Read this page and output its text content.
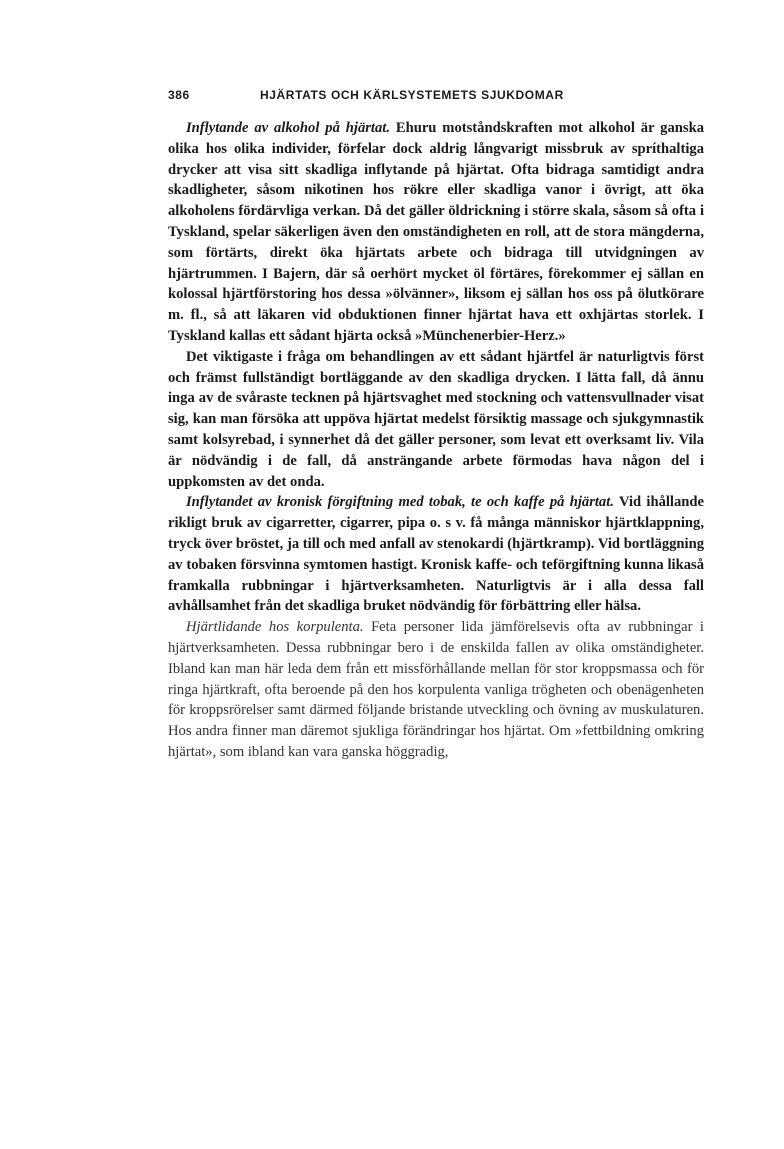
386	HJÄRTATS OCH KÄRLSYSTEMETS SJUKDOMAR

Inflytande av alkohol på hjärtat. Ehuru motståndskraften mot alkohol är ganska olika hos olika individer, förfelar dock aldrig långvarigt missbruk av spríthaltiga drycker att visa sitt skadliga inflytande på hjärtat. Ofta bidraga samtidigt andra skadligheter, såsom nikotinen hos rökre eller skadliga vanor i övrigt, att öka alkoholens fördärvliga verkan. Då det gäller öldrickning i större skala, såsom så ofta i Tyskland, spelar säkerligen även den omständigheten en roll, att de stora mängderna, som förtärts, direkt öka hjärtats arbete och bidraga till utvidgningen av hjärtrummen. I Bajern, där så oerhört mycket öl förtäres, förekommer ej sällan en kolossal hjärtförstoring hos dessa »ölvänner», liksom ej sällan hos oss på ölutkörare m. fl., så att läkaren vid obduktionen finner hjärtat hava ett oxhjärtas storlek. I Tyskland kallas ett sådant hjärta också »Münchenerbier-Herz.»

Det viktigaste i fråga om behandlingen av ett sådant hjärtfel är naturligtvis först och främst fullständigt bortläggande av den skadliga drycken. I lätta fall, då ännu inga av de svåraste tecknen på hjärtsvaghet med stockning och vattensvullnader visat sig, kan man försöka att uppöva hjärtat medelst försiktig massage och sjukgymnastik samt kolsyrebad, i synnerhet då det gäller personer, som levat ett overksamt liv. Vila är nödvändig i de fall, då ansträngande arbete förmodas hava någon del i uppkomsten av det onda.

Inflytandet av kronisk förgiftning med tobak, te och kaffe på hjärtat. Vid ihållande rikligt bruk av cigarretter, cigarrer, pipa o. s v. få många människor hjärtklappning, tryck över bröstet, ja till och med anfall av stenokardi (hjärtkramp). Vid bortläggning av tobaken försvinna symtomen hastigt. Kronisk kaffe- och teförgiftning kunna likaså framkalla rubbningar i hjärtverksamheten. Naturligtvis är i alla dessa fall avhållsamhet från det skadliga bruket nödvändig för förbättring eller hälsa.

Hjärtlidande hos korpulenta. Feta personer lida jämförelsevis ofta av rubbningar i hjärtverksamheten. Dessa rubbningar bero i de enskilda fallen av olika omständigheter. Ibland kan man här leda dem från ett missförhållande mellan för stor kroppsmassa och för ringa hjärtkraft, ofta beroende på den hos korpulenta vanliga trögheten och obenägenheten för kroppsrörelser samt därmed följande bristande utveckling och övning av muskulaturen. Hos andra finner man däremot sjukliga förändringar hos hjärtat. Om »fettbildning omkring hjärtat», som ibland kan vara ganska höggradig,
